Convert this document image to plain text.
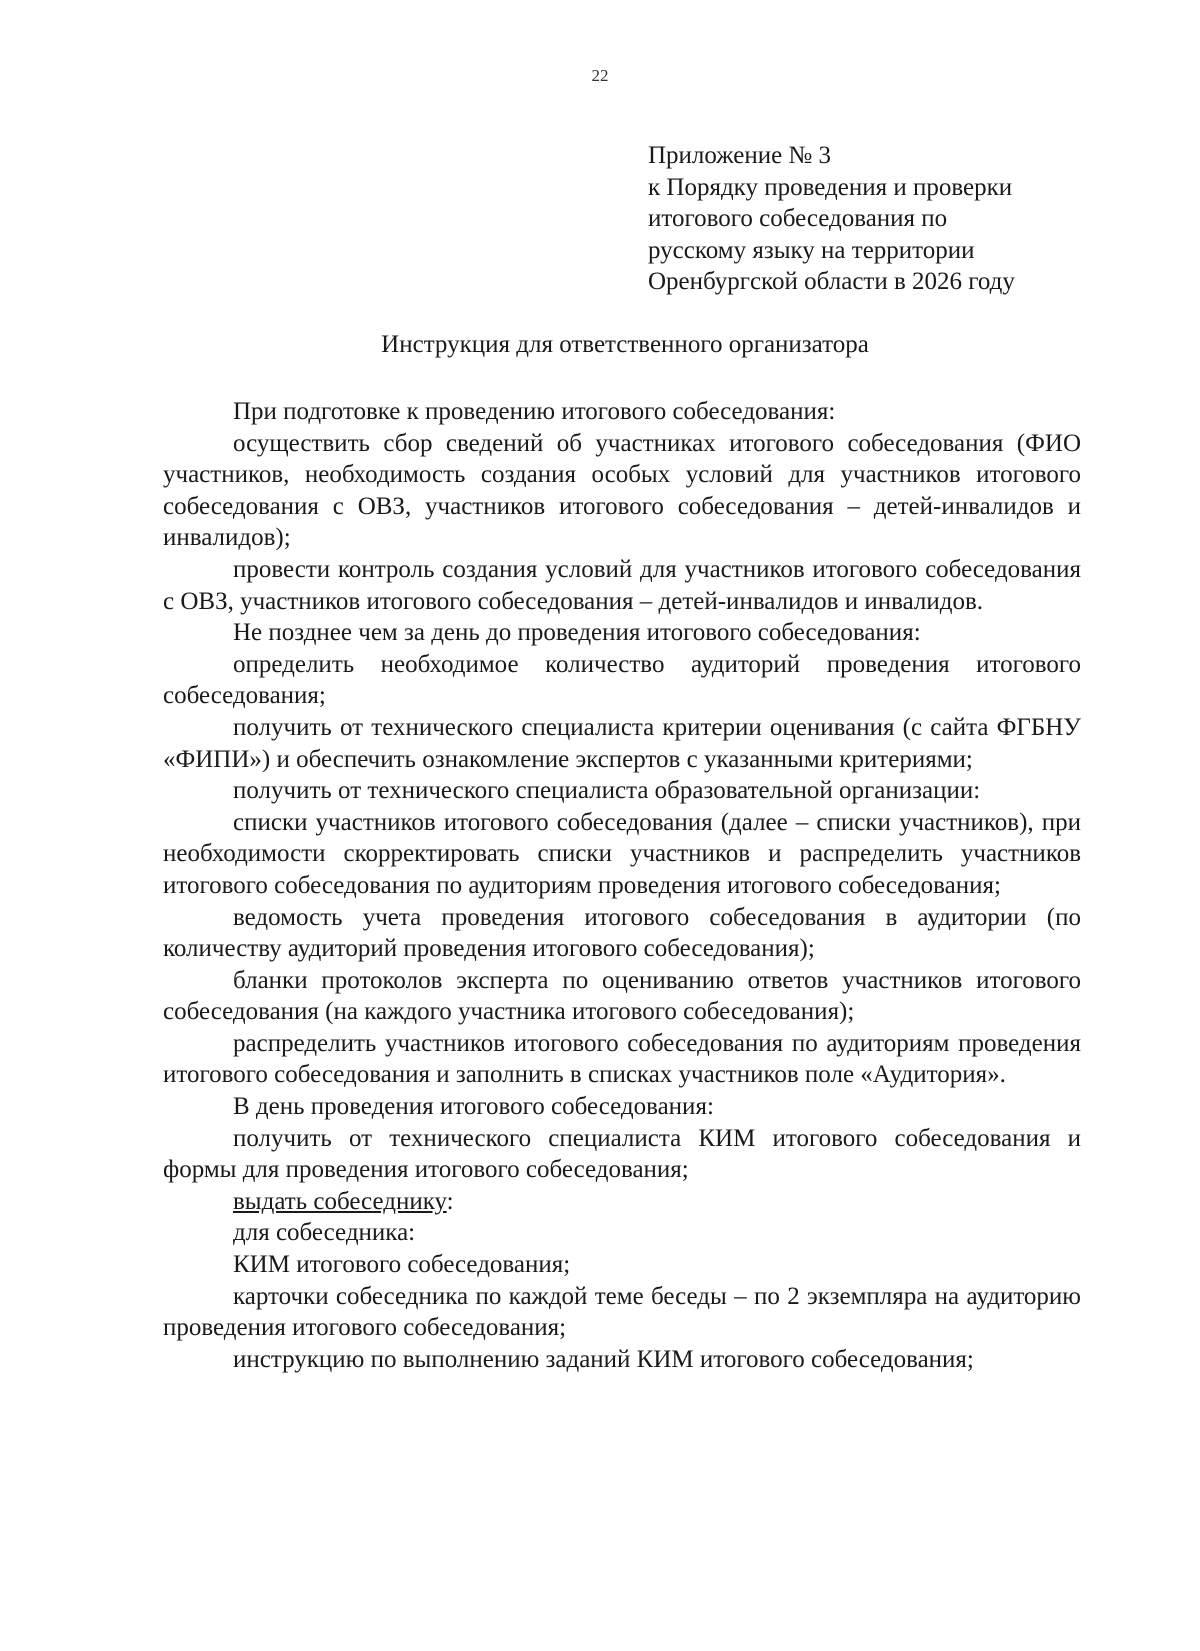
22
Приложение № 3
к Порядку проведения и проверки
итогового собеседования по
русскому языку на территории
Оренбургской области в 2026 году
Инструкция для ответственного организатора

При подготовке к проведению итогового собеседования:

осуществить сбор сведений об участниках итогового собеседования (ФИО участников, необходимость создания особых условий для участников итогового собеседования с ОВЗ, участников итогового собеседования – детей-инвалидов и инвалидов);

провести контроль создания условий для участников итогового собеседования с ОВЗ, участников итогового собеседования – детей-инвалидов и инвалидов.

Не позднее чем за день до проведения итогового собеседования:

определить необходимое количество аудиторий проведения итогового собеседования;

получить от технического специалиста критерии оценивания (с сайта ФГБНУ «ФИПИ») и обеспечить ознакомление экспертов с указанными критериями;

получить от технического специалиста образовательной организации:

списки участников итогового собеседования (далее – списки участников), при необходимости скорректировать списки участников и распределить участников итогового собеседования по аудиториям проведения итогового собеседования;

ведомость учета проведения итогового собеседования в аудитории (по количеству аудиторий проведения итогового собеседования);

бланки протоколов эксперта по оцениванию ответов участников итогового собеседования (на каждого участника итогового собеседования);

распределить участников итогового собеседования по аудиториям проведения итогового собеседования и заполнить в списках участников поле «Аудитория».

В день проведения итогового собеседования:

получить от технического специалиста КИМ итогового собеседования и формы для проведения итогового собеседования;

выдать собеседнику:

для собеседника:

КИМ итогового собеседования;

карточки собеседника по каждой теме беседы – по 2 экземпляра на аудиторию проведения итогового собеседования;

инструкцию по выполнению заданий КИМ итогового собеседования;
